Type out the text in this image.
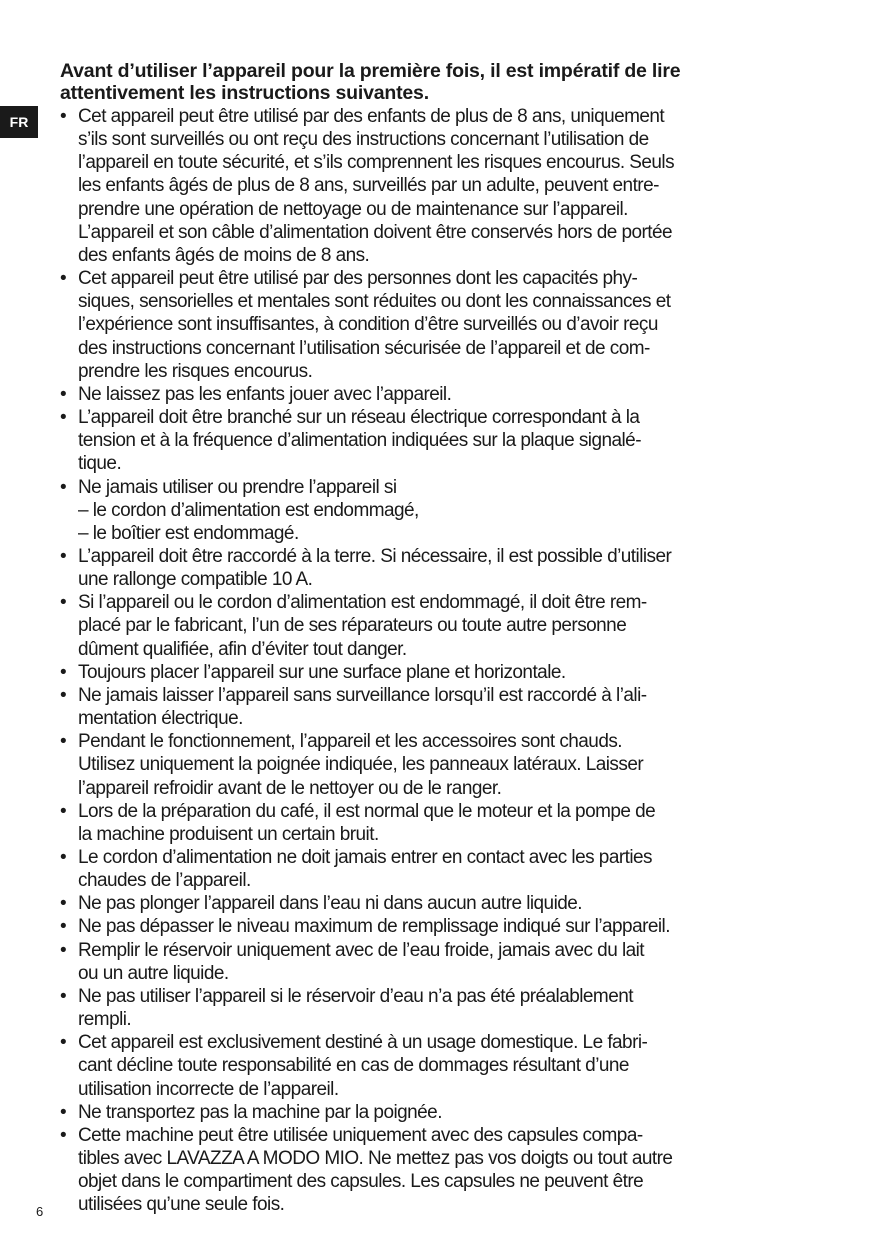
FR
Avant d’utiliser l’appareil pour la première fois, il est impératif de lire
attentivement les instructions suivantes.
• Cet appareil peut être utilisé par des enfants de plus de 8 ans, uniquement
s’ils sont surveillés ou ont reçu des instructions concernant l’utilisation de
l’appareil en toute sécurité, et s’ils comprennent les risques encourus. Seuls
les enfants âgés de plus de 8 ans, surveillés par un adulte, peuvent entre-
prendre une opération de nettoyage ou de maintenance sur l’appareil.
L’appareil et son câble d’alimentation doivent être conservés hors de portée
des enfants âgés de moins de 8 ans.
• Cet appareil peut être utilisé par des personnes dont les capacités phy-
siques, sensorielles et mentales sont réduites ou dont les connaissances et
l’expérience sont insuffisantes, à condition d’être surveillés ou d’avoir reçu
des instructions concernant l’utilisation sécurisée de l’appareil et de com-
prendre les risques encourus.
• Ne laissez pas les enfants jouer avec l’appareil.
• L’appareil doit être branché sur un réseau électrique correspondant à la
tension et à la fréquence d’alimentation indiquées sur la plaque signalé-
tique.
• Ne jamais utiliser ou prendre l’appareil si
– le cordon d’alimentation est endommagé,
– le boîtier est endommagé.
• L’appareil doit être raccordé à la terre. Si nécessaire, il est possible d’utiliser
une rallonge compatible 10 A.
• Si l’appareil ou le cordon d’alimentation est endommagé, il doit être rem-
placé par le fabricant, l’un de ses réparateurs ou toute autre personne
dûment qualifiée, afin d’éviter tout danger.
• Toujours placer l’appareil sur une surface plane et horizontale.
• Ne jamais laisser l’appareil sans surveillance lorsqu’il est raccordé à l’ali-
mentation électrique.
• Pendant le fonctionnement, l’appareil et les accessoires sont chauds.
Utilisez uniquement la poignée indiquée, les panneaux latéraux. Laisser
l’appareil refroidir avant de le nettoyer ou de le ranger.
• Lors de la préparation du café, il est normal que le moteur et la pompe de
la machine produisent un certain bruit.
• Le cordon d’alimentation ne doit jamais entrer en contact avec les parties
chaudes de l’appareil.
• Ne pas plonger l’appareil dans l’eau ni dans aucun autre liquide.
• Ne pas dépasser le niveau maximum de remplissage indiqué sur l’appareil.
• Remplir le réservoir uniquement avec de l’eau froide, jamais avec du lait
ou un autre liquide.
• Ne pas utiliser l’appareil si le réservoir d’eau n’a pas été préalablement
rempli.
• Cet appareil est exclusivement destiné à un usage domestique. Le fabri-
cant décline toute responsabilité en cas de dommages résultant d’une
utilisation incorrecte de l’appareil.
• Ne transportez pas la machine par la poignée.
• Cette machine peut être utilisée uniquement avec des capsules compa-
tibles avec LAVAZZA A MODO MIO. Ne mettez pas vos doigts ou tout autre
objet dans le compartiment des capsules. Les capsules ne peuvent être
utilisées qu’une seule fois.
6
